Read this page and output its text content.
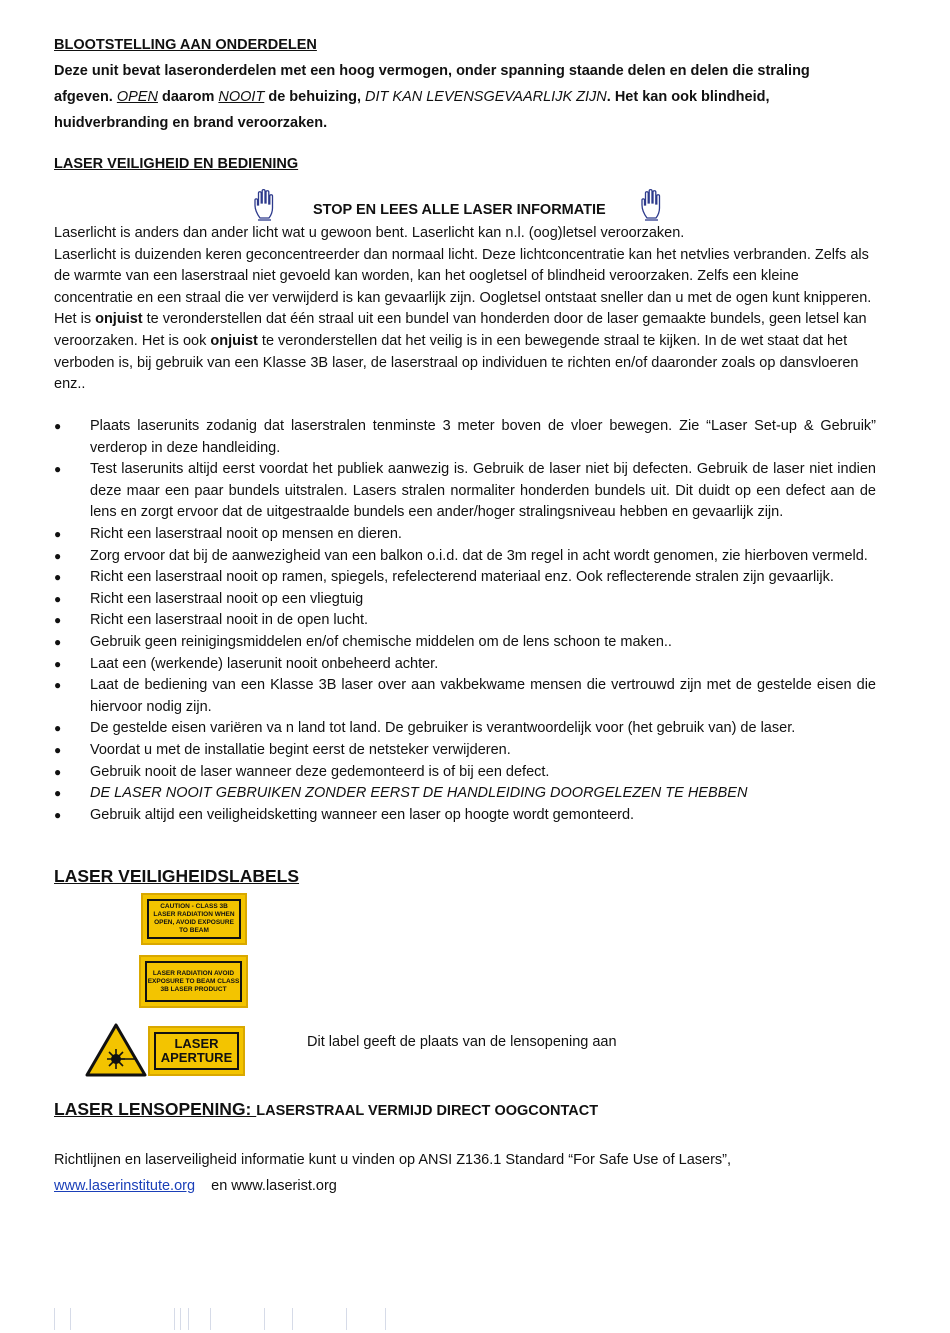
BLOOTSTELLING AAN ONDERDELEN

Deze unit bevat laseronderdelen met een hoog vermogen, onder spanning staande delen en delen die straling

afgeven. OPEN daarom NOOIT de behuizing, DIT KAN LEVENSGEVAARLIJK ZIJN. Het kan ook blindheid,

huidverbranding en brand veroorzaken.

LASER VEILIGHEID EN BEDIENING
STOP EN LEES ALLE LASER INFORMATIE

Laserlicht is anders dan ander licht wat u gewoon bent. Laserlicht kan n.l. (oog)letsel veroorzaken.

Laserlicht is duizenden keren geconcentreerder dan normaal licht. Deze lichtconcentratie kan het netvlies verbranden. Zelfs als de warmte van een laserstraal niet gevoeld kan worden, kan het oogletsel of blindheid veroorzaken. Zelfs een kleine concentratie en een straal die ver verwijderd is kan gevaarlijk zijn. Oogletsel ontstaat sneller dan u met de ogen kunt knipperen. Het is onjuist te veronderstellen dat één straal uit een bundel van honderden door de laser gemaakte bundels, geen letsel kan veroorzaken. Het is ook onjuist te veronderstellen dat het veilig is in een bewegende straal te kijken. In de wet staat dat het verboden is, bij gebruik van een Klasse 3B laser, de laserstraal op individuen te richten en/of daaronder zoals op dansvloeren enz..

● Plaats laserunits zodanig dat laserstralen tenminste 3 meter boven de vloer bewegen. Zie “Laser Set-up & Gebruik” verderop in deze handleiding.
● Test laserunits altijd eerst voordat het publiek aanwezig is. Gebruik de laser niet bij defecten. Gebruik de laser niet indien deze maar een paar bundels uitstralen. Lasers stralen normaliter honderden bundels uit. Dit duidt op een defect aan de lens en zorgt ervoor dat de uitgestraalde bundels een ander/hoger stralingsniveau hebben en gevaarlijk zijn.
● Richt een laserstraal nooit op mensen en dieren.
● Zorg ervoor dat bij de aanwezigheid van een balkon o.i.d. dat de 3m regel in acht wordt genomen, zie hierboven vermeld.
● Richt een laserstraal nooit op ramen, spiegels, refelecterend materiaal enz. Ook reflecterende stralen zijn gevaarlijk.
● Richt een laserstraal nooit op een vliegtuig
● Richt een laserstraal nooit in de open lucht.
● Gebruik geen reinigingsmiddelen en/of chemische middelen om de lens schoon te maken..
● Laat een (werkende) laserunit nooit onbeheerd achter.
● Laat de bediening van een Klasse 3B laser over aan vakbekwame mensen die vertrouwd zijn met de gestelde eisen die hiervoor nodig zijn.
● De gestelde eisen variëren va n land tot land. De gebruiker is verantwoordelijk voor (het gebruik van) de laser.
● Voordat u met de installatie begint eerst de netsteker verwijderen.
● Gebruik nooit de laser wanneer deze gedemonteerd is of bij een defect.
● DE LASER NOOIT GEBRUIKEN ZONDER EERST DE HANDLEIDING DOORGELEZEN TE HEBBEN
● Gebruik altijd een veiligheidsketting wanneer een laser op hoogte wordt gemonteerd.
LASER VEILIGHEIDSLABELS
CAUTION - CLASS 3B LASER RADIATION WHEN OPEN, AVOID EXPOSURE TO BEAM
LASER RADIATION AVOID EXPOSURE TO BEAM CLASS 3B LASER PRODUCT
LASER APERTURE
Dit label geeft de plaats van de lensopening aan
LASER LENSOPENING: LASERSTRAAL VERMIJD DIRECT OOGCONTACT

Richtlijnen en laserveiligheid informatie kunt u vinden op ANSI Z136.1 Standard “For Safe Use of Lasers”,

www.laserinstitute.org    en www.laserist.org
